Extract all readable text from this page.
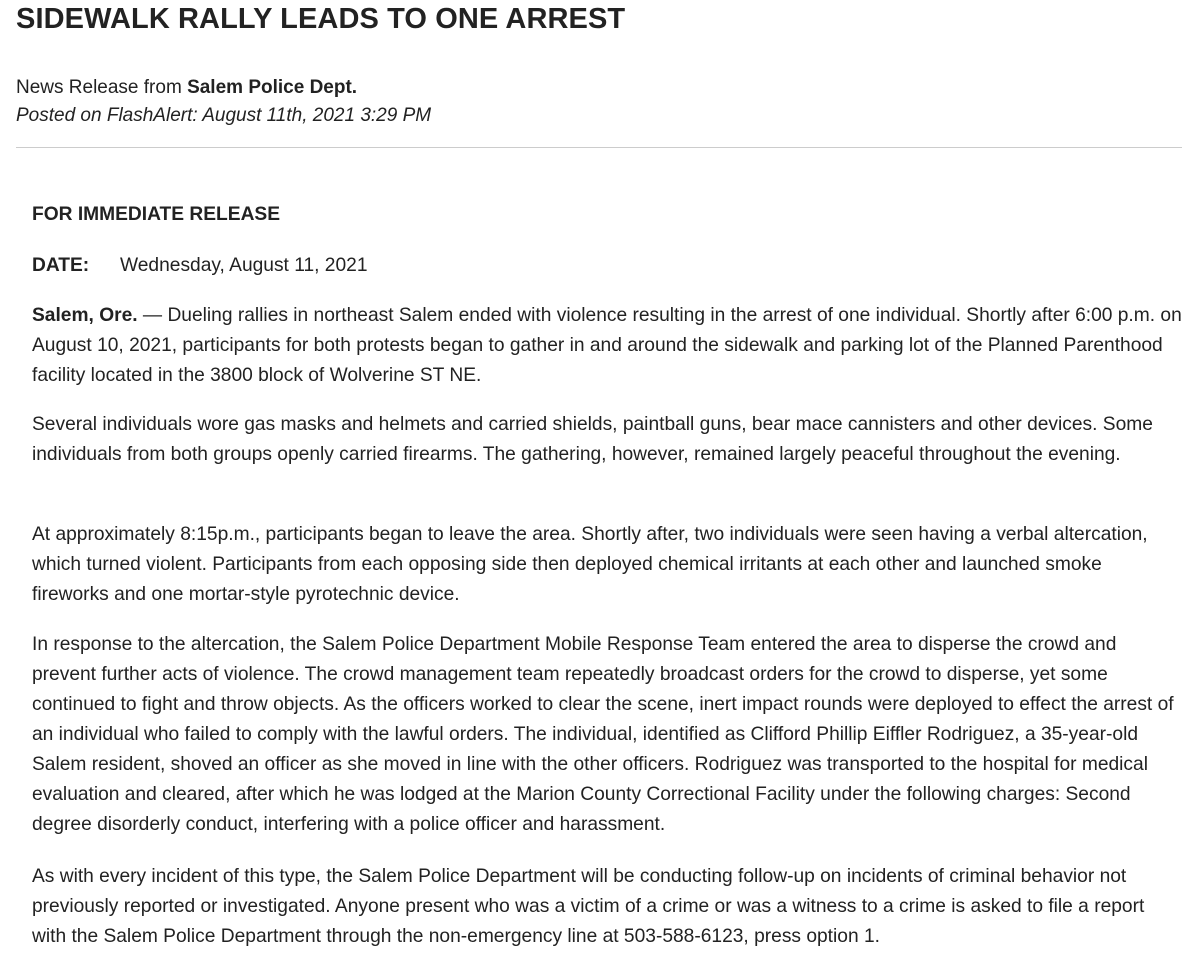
SIDEWALK RALLY LEADS TO ONE ARREST
News Release from Salem Police Dept.
Posted on FlashAlert: August 11th, 2021 3:29 PM

FOR IMMEDIATE RELEASE

DATE: Wednesday, August 11, 2021

Salem, Ore. — Dueling rallies in northeast Salem ended with violence resulting in the arrest of one individual. Shortly after 6:00 p.m. on August 10, 2021, participants for both protests began to gather in and around the sidewalk and parking lot of the Planned Parenthood facility located in the 3800 block of Wolverine ST NE.

Several individuals wore gas masks and helmets and carried shields, paintball guns, bear mace cannisters and other devices. Some individuals from both groups openly carried firearms. The gathering, however, remained largely peaceful throughout the evening.

At approximately 8:15p.m., participants began to leave the area. Shortly after, two individuals were seen having a verbal altercation, which turned violent. Participants from each opposing side then deployed chemical irritants at each other and launched smoke fireworks and one mortar-style pyrotechnic device.

In response to the altercation, the Salem Police Department Mobile Response Team entered the area to disperse the crowd and prevent further acts of violence. The crowd management team repeatedly broadcast orders for the crowd to disperse, yet some continued to fight and throw objects. As the officers worked to clear the scene, inert impact rounds were deployed to effect the arrest of an individual who failed to comply with the lawful orders. The individual, identified as Clifford Phillip Eiffler Rodriguez, a 35-year-old Salem resident, shoved an officer as she moved in line with the other officers. Rodriguez was transported to the hospital for medical evaluation and cleared, after which he was lodged at the Marion County Correctional Facility under the following charges: Second degree disorderly conduct, interfering with a police officer and harassment.

As with every incident of this type, the Salem Police Department will be conducting follow-up on incidents of criminal behavior not previously reported or investigated. Anyone present who was a victim of a crime or was a witness to a crime is asked to file a report with the Salem Police Department through the non-emergency line at 503-588-6123, press option 1.
